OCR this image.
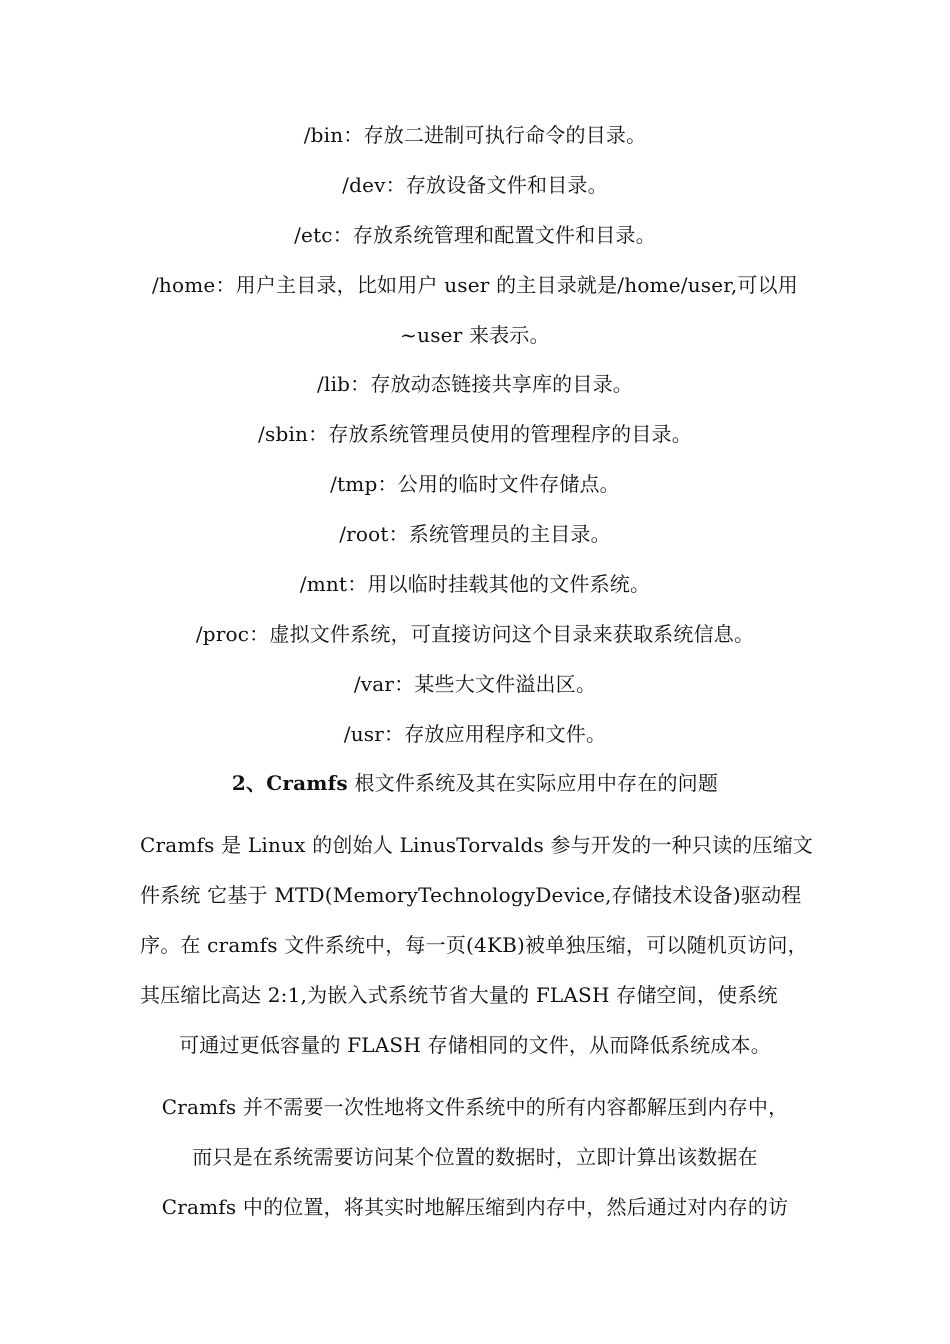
/bin：存放二进制可执行命令的目录。
/dev：存放设备文件和目录。
/etc：存放系统管理和配置文件和目录。
/home：用户主目录，比如用户 user 的主目录就是/home/user,可以用
~user 来表示。
/lib：存放动态链接共享库的目录。
/sbin：存放系统管理员使用的管理程序的目录。
/tmp：公用的临时文件存储点。
/root：系统管理员的主目录。
/mnt：用以临时挂载其他的文件系统。
/proc：虚拟文件系统，可直接访问这个目录来获取系统信息。
/var：某些大文件溢出区。
/usr：存放应用程序和文件。
2、Cramfs 根文件系统及其在实际应用中存在的问题
Cramfs 是 Linux 的创始人 LinusTorvalds 参与开发的一种只读的压缩文
件系统 它基于 MTD(MemoryTechnologyDevice,存储技术设备)驱动程
序。在 cramfs 文件系统中，每一页(4KB)被单独压缩，可以随机页访问，
其压缩比高达 2:1,为嵌入式系统节省大量的 FLASH 存储空间，使系统
可通过更低容量的 FLASH 存储相同的文件，从而降低系统成本。
Cramfs 并不需要一次性地将文件系统中的所有内容都解压到内存中，
而只是在系统需要访问某个位置的数据时，立即计算出该数据在
Cramfs 中的位置，将其实时地解压缩到内存中，然后通过对内存的访
